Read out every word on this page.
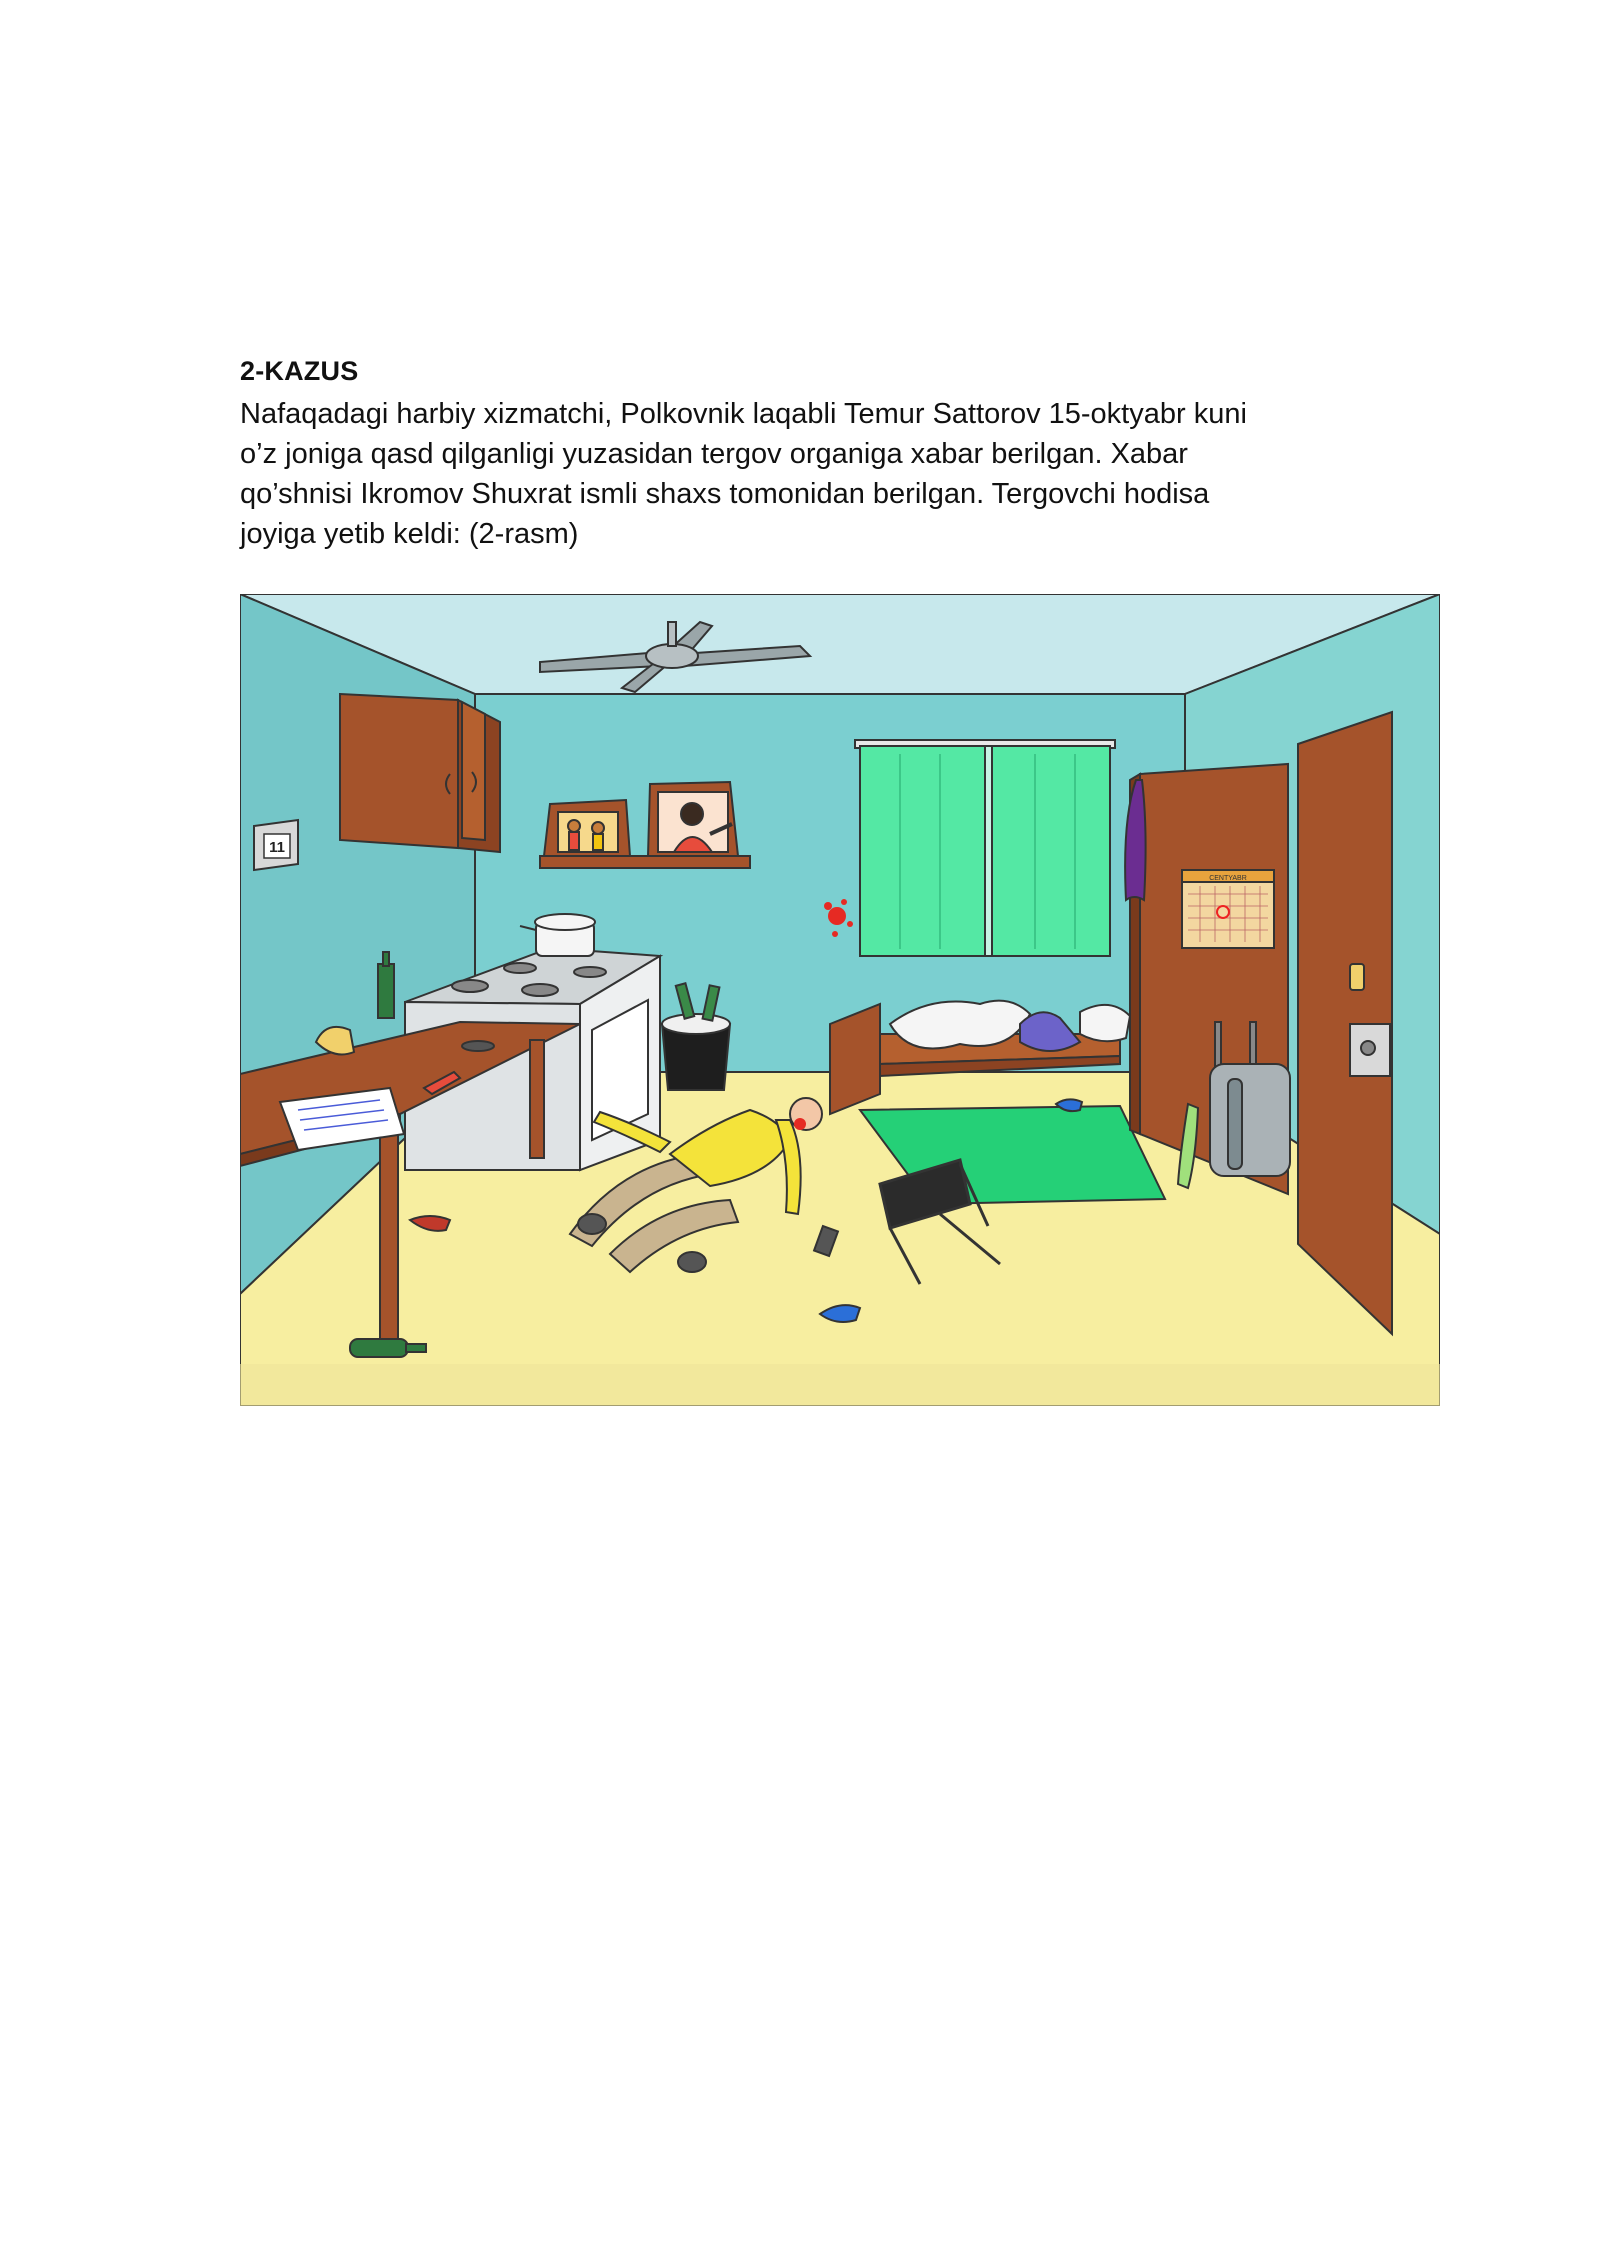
2-KAZUS

Nafaqadagi harbiy xizmatchi, Polkovnik laqabli Temur Sattorov 15-oktyabr kuni
o’z joniga qasd qilganligi yuzasidan tergov organiga xabar berilgan. Xabar
qo’shnisi Ikromov Shuxrat ismli shaxs tomonidan berilgan. Tergovchi hodisa
joyiga yetib keldi: (2-rasm)

11
CENTYABR
